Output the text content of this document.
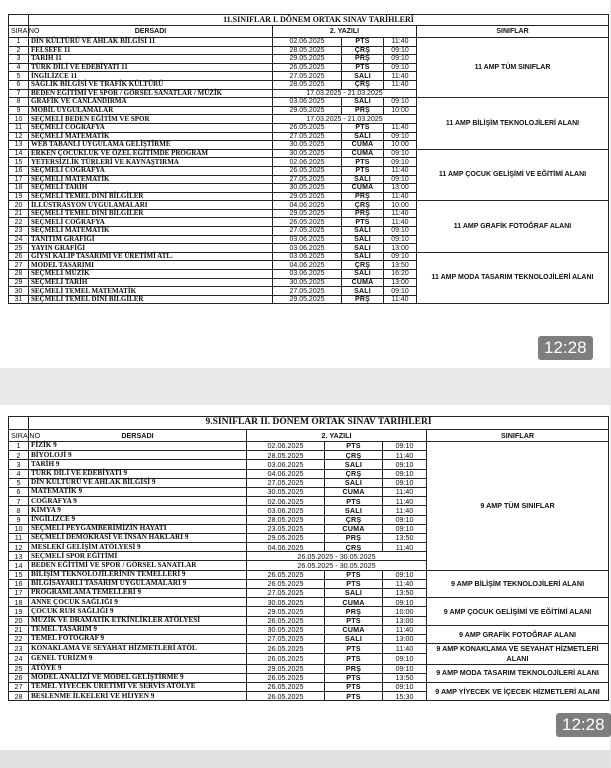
12:28
12:28
	11.SINIFLAR I. DÖNEM ORTAK SINAV TARİHLERİ				
SIRA NO	DERSADI	2. YAZILI			SINIFLAR
1	DİN KÜLTÜRÜ VE AHLAK BİLGİSİ 11	02.06.2025	PTS	11:40	11 AMP TÜM SINIFLAR
2	FELSEFE 11	28.05.2025	ÇRŞ	09:10	
3	TARİH 11	29.05.2025	PRŞ	09:10	
4	TÜRK DİLİ VE EDEBİYATI 11	26.05.2025	PTS	09:10	
5	İNGİLİZCE 11	27.05.2025	SALI	11:40	
6	SAĞLIK BİLGİSİ VE TRAFİK KÜLTÜRÜ	28.05.2025	ÇRŞ	11:40	
7	BEDEN EĞİTİMİ VE SPOR / GÖRSEL SANATLAR / MÜZİK	17.03.2025 - 21.03.2025			
8	GRAFİK VE CANLANDIRMA	03.06.2025	SALI	09:10	11 AMP BİLİŞİM TEKNOLOJİLERİ ALANI
9	MOBİL UYGULAMALAR	29.05.2025	PRŞ	10:00	
10	SEÇMELİ BEDEN EĞİTİM VE SPOR	17.03.2025 - 21.03.2025			
11	SEÇMELİ COĞRAFYA	26.05.2025	PTS	11:40	
12	SEÇMELİ MATEMATİK	27.05.2025	SALI	09:10	
13	WEB TABANLI UYGULAMA GELİŞTİRME	30.05.2025	CUMA	10:00	
14	ERKEN ÇOCUKLUK VE ÖZEL EĞİTİMDE PROGRAM	30.05.2025	CUMA	09:10	11 AMP ÇOCUK GELİŞİMİ VE EĞİTİMİ ALANI
15	YETERSİZLİK TÜRLERİ VE KAYNAŞTIRMA	02.06.2025	PTS	09:10	
16	SEÇMELİ COĞRAFYA	26.05.2025	PTS	11:40	
17	SEÇMELİ MATEMATİK	27.05.2025	SALI	09:10	
18	SEÇMELİ TARİH	30.05.2025	CUMA	13:00	
19	SEÇMELİ TEMEL DİNİ BİLGİLER	29.05.2025	PRŞ	11:40	
20	İLLÜSTRASYON UYGULAMALARI	04.06.2025	ÇRŞ	10:00	11 AMP GRAFİK FOTOĞRAF ALANI
21	SEÇMELİ TEMEL DİNİ BİLGİLER	29.05.2025	PRŞ	11:40	
22	SEÇMELİ COĞRAFYA	26.05.2025	PTS	11:40	
23	SEÇMELİ MATEMATİK	27.05.2025	SALI	09:10	
24	TANITIM GRAFİĞİ	03.06.2025	SALI	09:10	
25	YAYIN GRAFİĞİ	03.06.2025	SALI	13:00	
26	GİYSİ KALIP TASARIMI VE ÜRETİMİ ATL.	03.06.2025	SALI	09:10	11 AMP MODA TASARIM TEKNOLOJİLERİ ALANI
27	MODEL TASARIMI	04.06.2025	ÇRŞ	13:50	
28	SEÇMELİ MÜZİK	03.06.2025	SALI	16:20	
29	SEÇMELİ TARİH	30.05.2025	CUMA	13:00	
30	SEÇMELİ TEMEL MATEMATİK	27.05.2025	SALI	09:10	
31	SEÇMELİ TEMEL DİNİ BİLGİLER	29.05.2025	PRŞ	11:40	
	9.SINIFLAR II. DÖNEM ORTAK SINAV TARİHLERİ				
SIRA NO	DERSADI	2. YAZILI			SINIFLAR
1	FİZİK 9	02.06.2025	PTS	09:10	9 AMP TÜM SINIFLAR
2	BİYOLOJİ 9	28.05.2025	ÇRŞ	11:40	
3	TARİH 9	03.06.2025	SALI	09:10	
4	TÜRK DİLİ VE EDEBİYATI 9	04.06.2025	ÇRŞ	09:10	
5	DİN KÜLTÜRÜ VE AHLAK BİLGİSİ 9	27.05.2025	SALI	09:10	
6	MATEMATİK 9	30.05.2025	CUMA	11:40	
7	COĞRAFYA 9	02.06.2025	PTS	11:40	
8	KİMYA 9	03.06.2025	SALI	11:40	
9	İNGİLİZCE 9	28.05.2025	ÇRŞ	09:10	
10	SEÇMELİ PEYGAMBERİMİZİN HAYATI	23.05.2025	CUMA	09:10	
11	SEÇMELİ DEMOKRASİ VE İNSAN HAKLARI 9	29.05.2025	PRŞ	13:50	
12	MESLEKİ GELİŞİM ATÖLYESİ 9	04.06.2025	ÇRŞ	11:40	
13	SEÇMELİ SPOR EĞİTİMİ	26.05.2025 - 30.05.2025			
14	BEDEN EĞİTİMİ VE SPOR / GÖRSEL SANATLAR	26.05.2025 - 30.05.2025			
15	BİLİŞİM TEKNOLOJİLERİNİN TEMELLERİ 9	26.05.2025	PTS	09:10	9 AMP BİLİŞİM TEKNOLOJİLERİ ALANI
16	BİLGİSAYARLI TASARIM UYGULAMALARI 9	26.05.2025	PTS	11:40	
17	PROGRAMLAMA TEMELLERİ 9	27.05.2025	SALI	13:50	
18	ANNE ÇOCUK SAĞLIĞI 9	30.05.2025	CUMA	09:10	9 AMP ÇOCUK GELİŞİMİ VE EĞİTİMİ ALANI
19	ÇOCUK RUH SAĞLIĞI 9	29.05.2025	PRŞ	10:00	
20	MÜZİK VE DRAMATİK ETKİNLİKLER ATÖLYESİ	26.05.2025	PTS	13:00	
21	TEMEL TASARIM 9	30.05.2025	CUMA	11:40	9 AMP GRAFİK FOTOĞRAF ALANI
22	TEMEL FOTOĞRAF 9	27.05.2025	SALI	13:00	
23	KONAKLAMA VE SEYAHAT HİZMETLERİ ATÖL	26.05.2025	PTS	11:40	9 AMP KONAKLAMA VE SEYAHAT HİZMETLERİ ALANI
24	GENEL TURİZM 9	26.05.2025	PTS	09:10	
25	ATÖYE 9	29.05.2025	PRŞ	09:10	9 AMP MODA TASARIM TEKNOLOJİLERİ ALANI
26	MODEL ANALİZİ VE MODEL GELİŞTİRME 9	26.05.2025	PTS	13:50	
27	TEMEL YİYECEK ÜRETİMİ VE SERVİS ATÖLYE	26.05.2025	PTS	09:10	9 AMP YİYECEK VE İÇECEK HİZMETLERİ ALANI
28	BESLENME İLKELERİ VE HİJYEN 9	26.05.2025	PTS	15:30	
